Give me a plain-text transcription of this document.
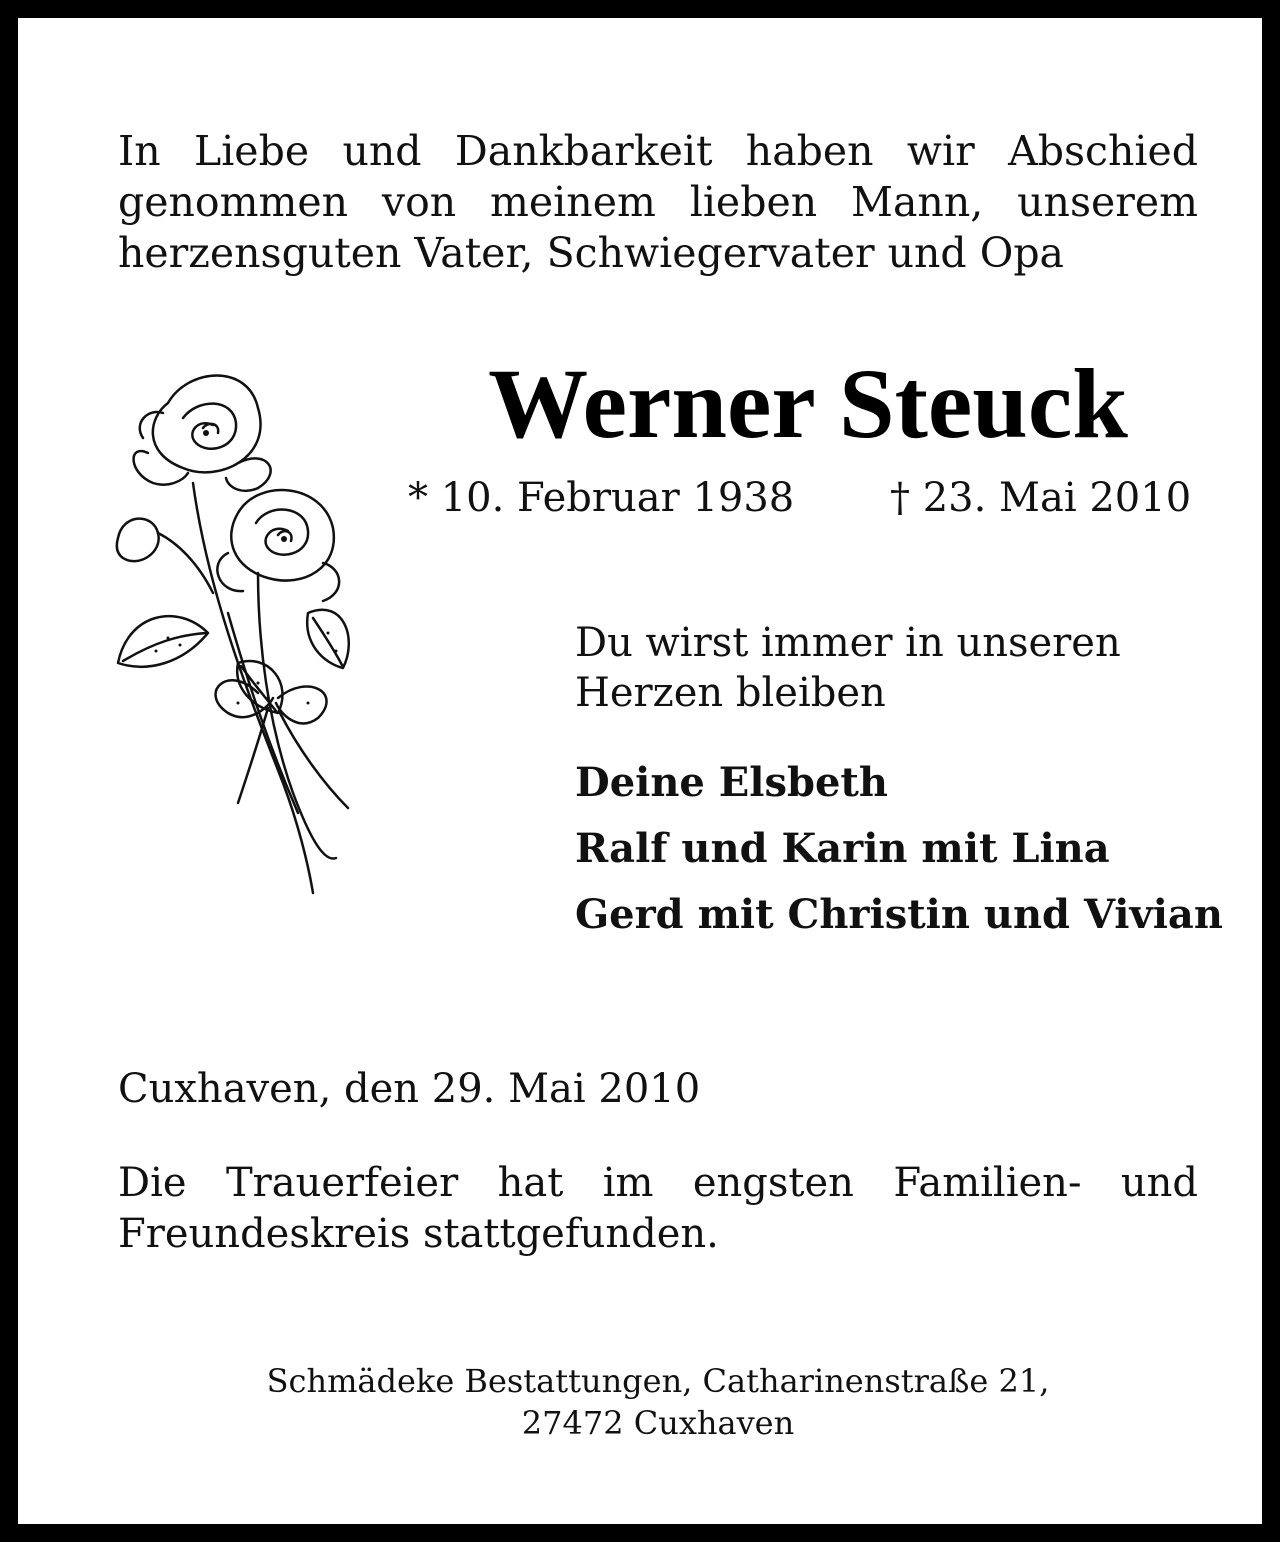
In Liebe und Dankbarkeit haben wir Abschied genommen von meinem lieben Mann, unserem herzensguten Vater, Schwiegervater und Opa
Werner Steuck
* 10. Februar 1938 † 23. Mai 2010
Du wirst immer in unseren Herzen bleiben
Deine Elsbeth
Ralf und Karin mit Lina
Gerd mit Christin und Vivian
Cuxhaven, den 29. Mai 2010
Die Trauerfeier hat im engsten Familien- und Freundeskreis stattgefunden.
Schmädeke Bestattungen, Catharinenstraße 21,
27472 Cuxhaven
